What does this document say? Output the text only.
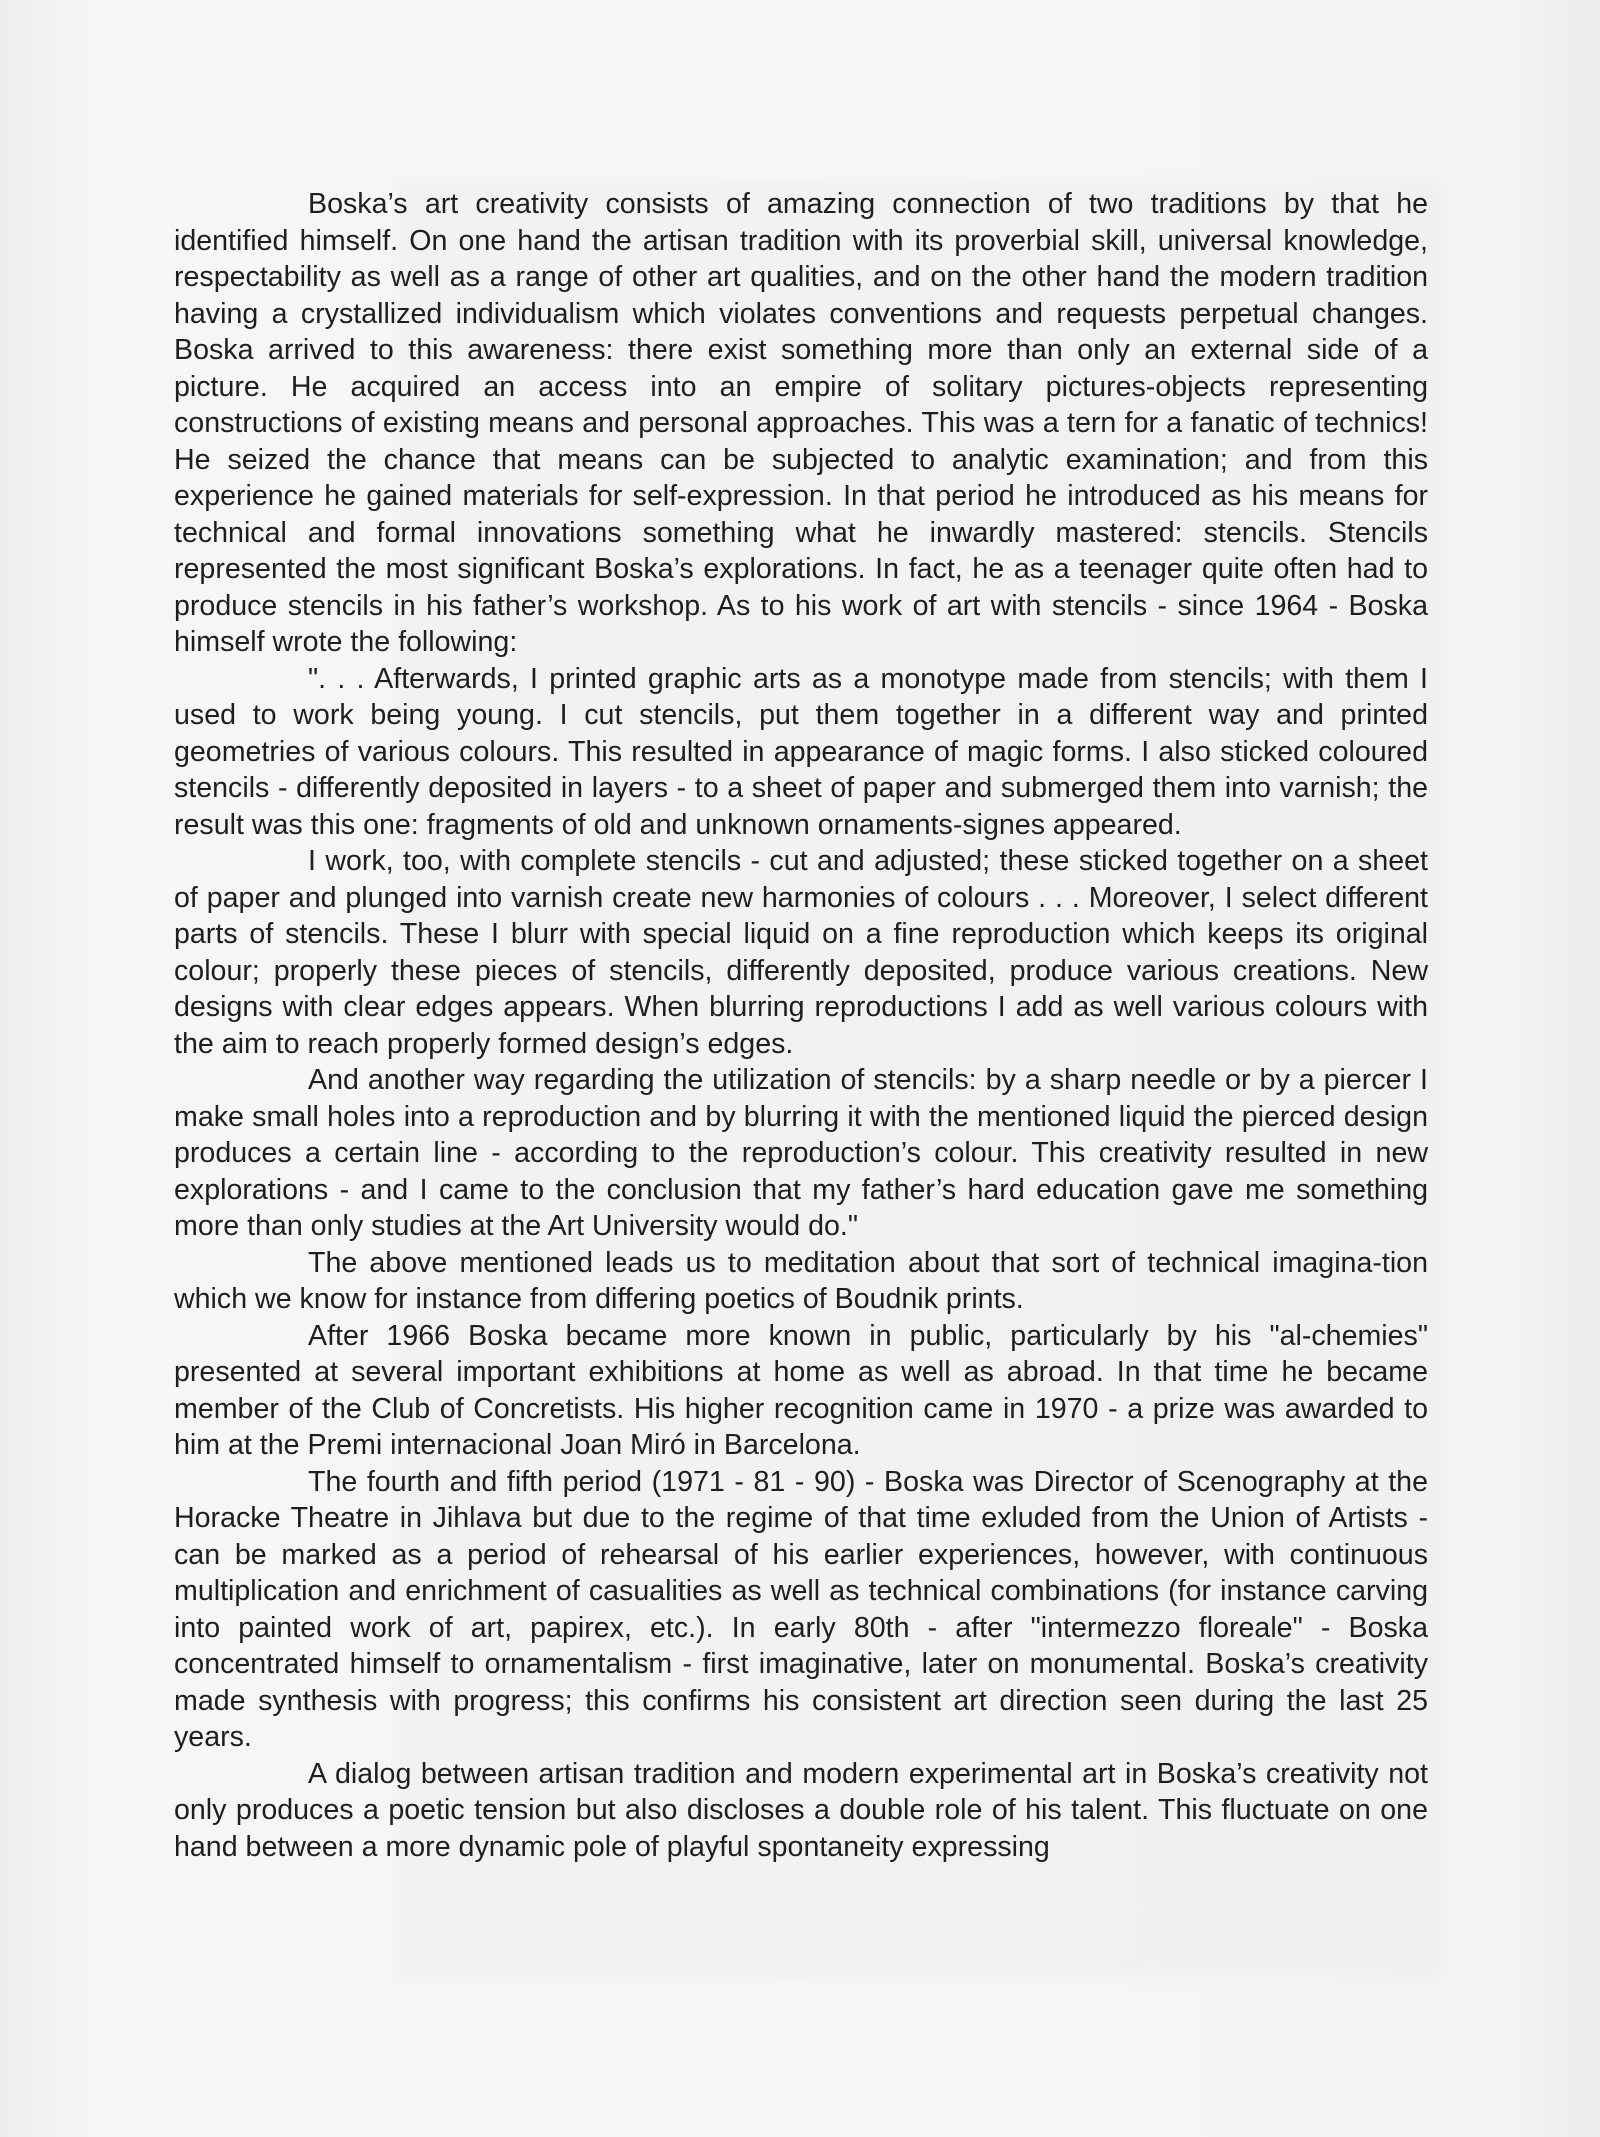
Boska’s art creativity consists of amazing connection of two traditions by that he identified himself. On one hand the artisan tradition with its proverbial skill, universal knowledge, respectability as well as a range of other art qualities, and on the other hand the modern tradition having a crystallized individualism which violates conventions and requests perpetual changes. Boska arrived to this awareness: there exist something more than only an external side of a picture. He acquired an access into an empire of solitary pictures-objects representing constructions of existing means and personal approaches. This was a tern for a fanatic of technics! He seized the chance that means can be subjected to analytic examination; and from this experience he gained materials for self-expression. In that period he introduced as his means for technical and formal innovations something what he inwardly mastered: stencils. Stencils represented the most significant Boska’s explorations. In fact, he as a teenager quite often had to produce stencils in his father’s workshop. As to his work of art with stencils - since 1964 - Boska himself wrote the following:

". . . Afterwards, I printed graphic arts as a monotype made from stencils; with them I used to work being young. I cut stencils, put them together in a different way and printed geometries of various colours. This resulted in appearance of magic forms. I also sticked coloured stencils - differently deposited in layers - to a sheet of paper and submerged them into varnish; the result was this one: fragments of old and unknown ornaments-signes appeared.

I work, too, with complete stencils - cut and adjusted; these sticked together on a sheet of paper and plunged into varnish create new harmonies of colours . . . Moreover, I select different parts of stencils. These I blurr with special liquid on a fine reproduction which keeps its original colour; properly these pieces of stencils, differently deposited, produce various creations. New designs with clear edges appears. When blurring reproductions I add as well various colours with the aim to reach properly formed design’s edges.

And another way regarding the utilization of stencils: by a sharp needle or by a piercer I make small holes into a reproduction and by blurring it with the mentioned liquid the pierced design produces a certain line - according to the reproduction’s colour. This creativity resulted in new explorations - and I came to the conclusion that my father’s hard education gave me something more than only studies at the Art University would do."

The above mentioned leads us to meditation about that sort of technical imagina-tion which we know for instance from differing poetics of Boudnik prints.

After 1966 Boska became more known in public, particularly by his "al-chemies" presented at several important exhibitions at home as well as abroad. In that time he became member of the Club of Concretists. His higher recognition came in 1970 - a prize was awarded to him at the Premi internacional Joan Miró in Barcelona.

The fourth and fifth period (1971 - 81 - 90) - Boska was Director of Scenography at the Horacke Theatre in Jihlava but due to the regime of that time exluded from the Union of Artists - can be marked as a period of rehearsal of his earlier experiences, however, with continuous multiplication and enrichment of casualities as well as technical combinations (for instance carving into painted work of art, papirex, etc.). In early 80th - after "intermezzo floreale" - Boska concentrated himself to ornamentalism - first imaginative, later on monumental. Boska’s creativity made synthesis with progress; this confirms his consistent art direction seen during the last 25 years.

A dialog between artisan tradition and modern experimental art in Boska’s creativity not only produces a poetic tension but also discloses a double role of his talent. This fluctuate on one hand between a more dynamic pole of playful spontaneity expressing
